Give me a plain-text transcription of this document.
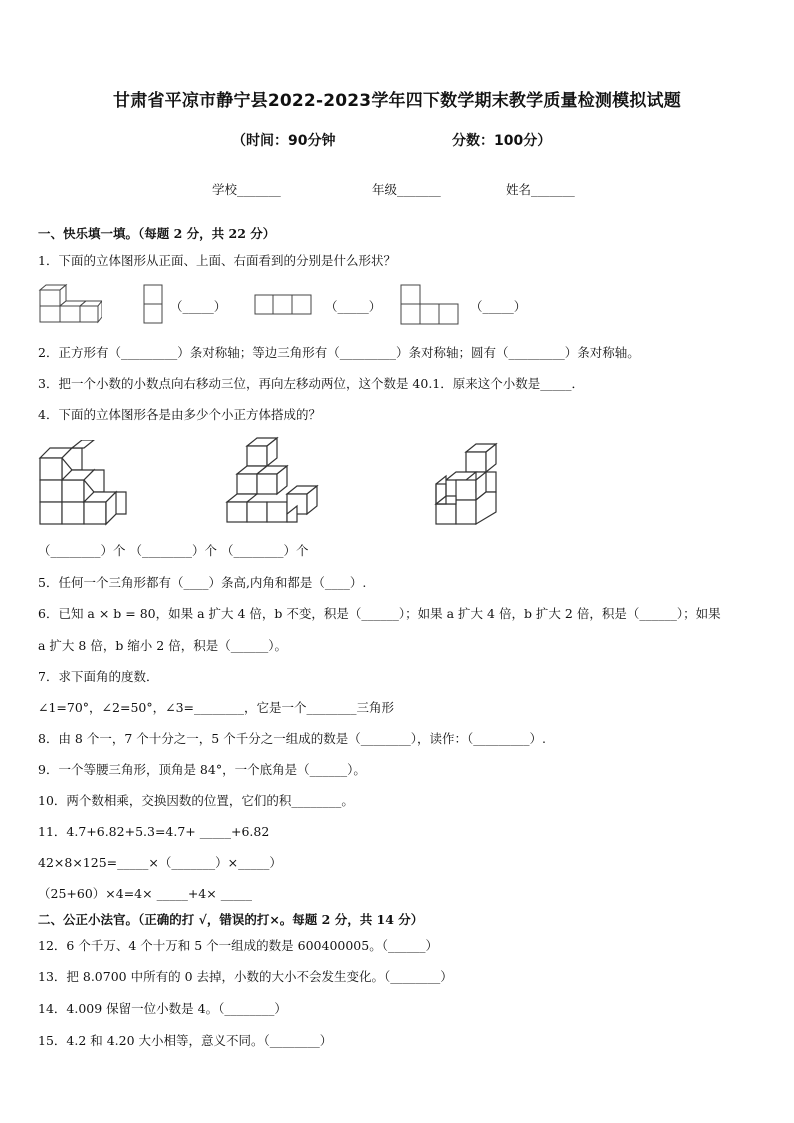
甘肃省平凉市静宁县2022-2023学年四下数学期末教学质量检测模拟试题
（时间：90分钟	分数：100分）
学校_______	年级_______	姓名_______
一、快乐填一填。（每题 2 分，共 22 分）
1．下面的立体图形从正面、上面、右面看到的分别是什么形状？
（_____）	（_____）	（_____）
2．正方形有（_________）条对称轴；等边三角形有（_________）条对称轴；圆有（_________）条对称轴。
3．把一个小数的小数点向右移动三位，再向左移动两位，这个数是 40.1．原来这个小数是_____．
4．下面的立体图形各是由多少个小正方体搭成的？
（________）个 （________）个 （________）个
5．任何一个三角形都有（____）条高,内角和都是（____）.
6．已知 a × b = 80，如果 a 扩大 4 倍，b 不变，积是（______）；如果 a 扩大 4 倍，b 扩大 2 倍，积是（______）；如果
a 扩大 8 倍，b 缩小 2 倍，积是（______）。
7．求下面角的度数．
∠1=70°，∠2=50°，∠3=________，它是一个________三角形
8．由 8 个一，7 个十分之一，5 个千分之一组成的数是（________），读作：（_________）.
9．一个等腰三角形，顶角是 84°，一个底角是（______）。
10．两个数相乘，交换因数的位置，它们的积________。
11．4.7+6.82+5.3=4.7+ _____+6.82
42×8×125=_____×（_______）×_____）
（25+60）×4=4× _____+4× _____
二、公正小法官。（正确的打 √，错误的打×。每题 2 分，共 14 分）
12．6 个千万、4 个十万和 5 个一组成的数是 600400005。（______）
13．把 8.0700 中所有的 0 去掉，小数的大小不会发生变化。（________）
14．4.009 保留一位小数是 4。（________）
15．4.2 和 4.20 大小相等，意义不同。（________）
